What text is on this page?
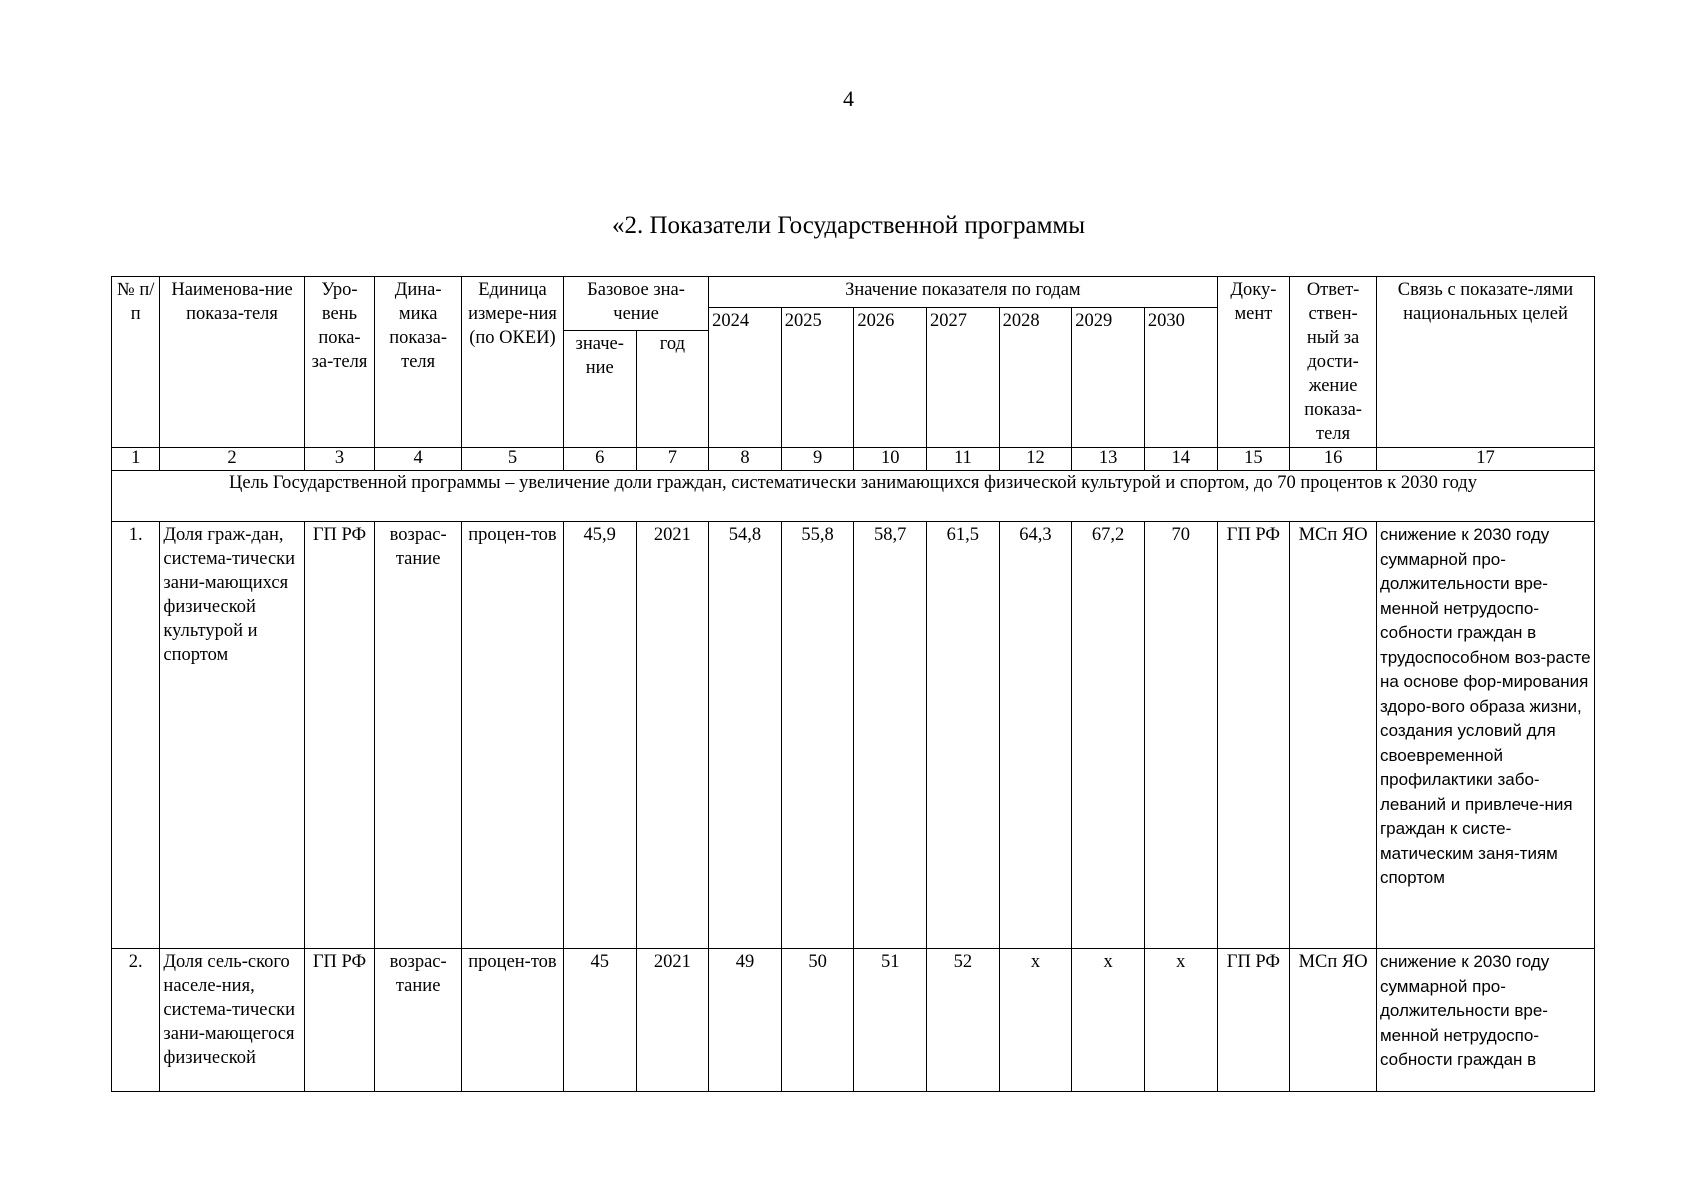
4
«2. Показатели Государственной программы
№ п/п	Наименова-ние показа-теля	Уро-вень пока-за-теля	Дина-мика показа-теля	Единица измере-ния (по ОКЕИ)	Базовое зна-чение		Значение показателя по годам							Доку-мент	Ответ-ствен-ный за дости-жение показа-теля	Связь с показате-лями национальных целей
							2024	2025	2026	2027	2028	2029	2030			
					значе-ние	год										
1	2	3	4	5	6	7	8	9	10	11	12	13	14	15	16	17
Цель Государственной программы – увеличение доли граждан, систематически занимающихся физической культурой и спортом, до 70 процентов к 2030 году																
1.	Доля граж-дан, система-тически зани-мающихся физической культурой и спортом	ГП РФ	возрас-тание	процен-тов	45,9	2021	54,8	55,8	58,7	61,5	64,3	67,2	70	ГП РФ	МСп ЯО	снижение к 2030 году суммарной про-должительности вре-менной нетрудоспо-собности граждан в трудоспособном воз-расте на основе фор-мирования здоро-вого образа жизни, создания условий для своевременной профилактики забо-леваний и привлече-ния граждан к систе-матическим заня-тиям спортом
2.	Доля сель-ского населе-ния, система-тически зани-мающегося физической	ГП РФ	возрас-тание	процен-тов	45	2021	49	50	51	52	х	х	х	ГП РФ	МСп ЯО	снижение к 2030 году суммарной про-должительности вре-менной нетрудоспо-собности граждан в
